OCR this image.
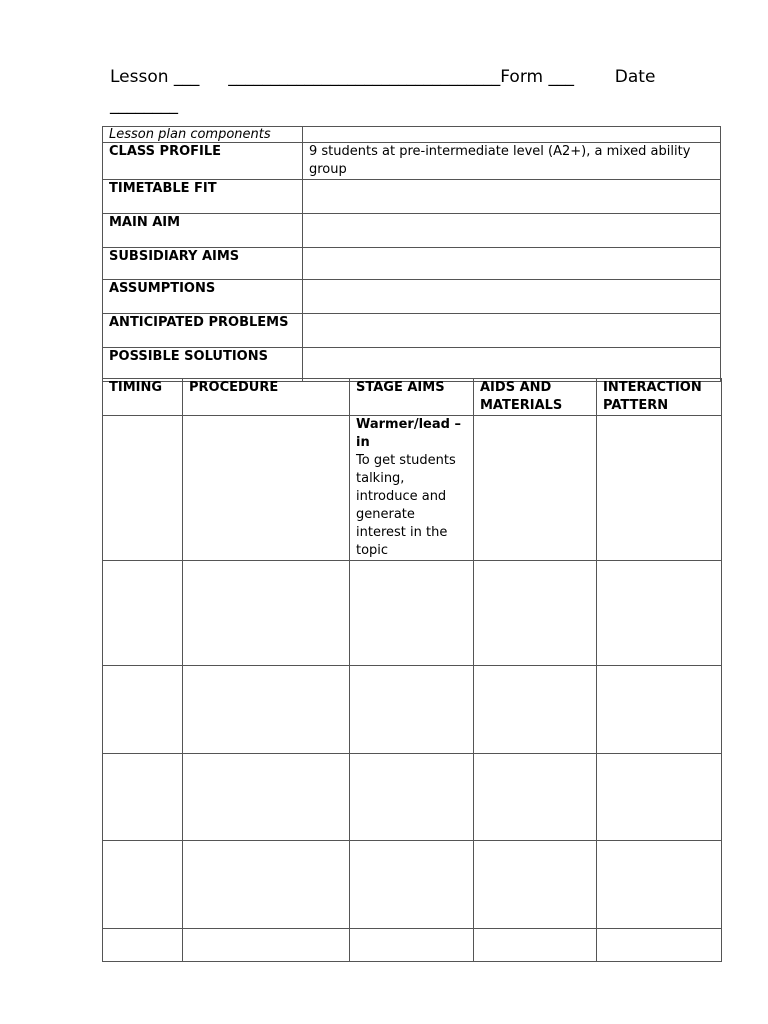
Lesson ___ ________________________________Form ___ Date
________
Lesson plan components	
CLASS PROFILE	9 students at pre-intermediate level (A2+), a mixed ability group
TIMETABLE FIT	
MAIN AIM	
SUBSIDIARY AIMS	
ASSUMPTIONS	
ANTICIPATED PROBLEMS	
POSSIBLE SOLUTIONS	
TIMING	PROCEDURE	STAGE AIMS	AIDS AND MATERIALS	INTERACTION PATTERN

		Warmer/lead –in
To get students talking, introduce and generate interest in the topic		
